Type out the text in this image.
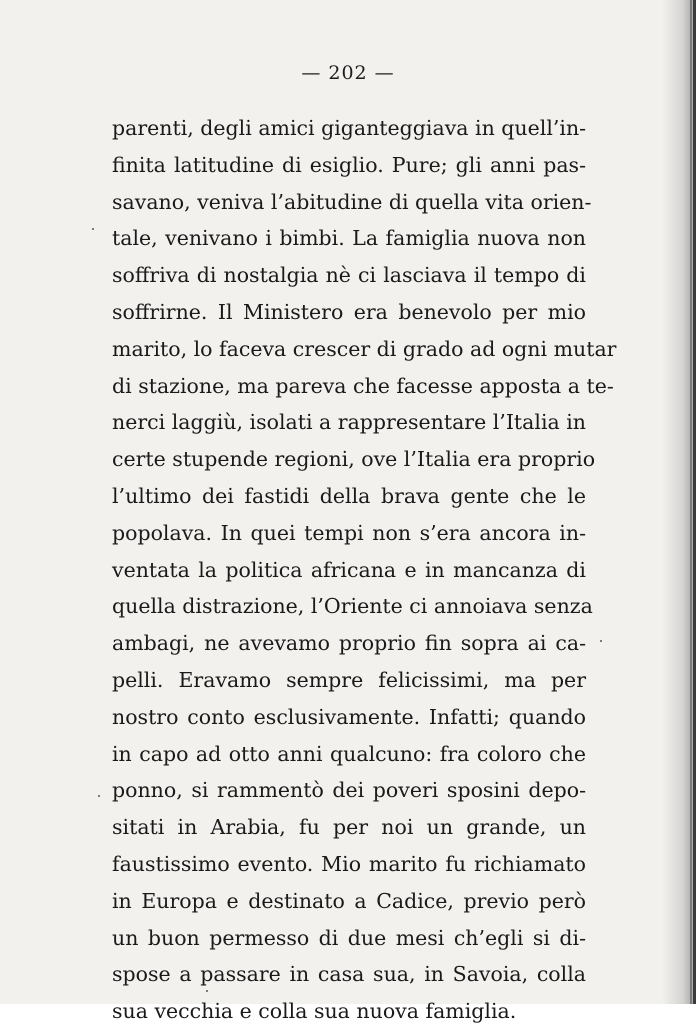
— 202 —
parenti, degli amici giganteggiava in quell’in-
finita latitudine di esiglio. Pure; gli anni pas-
savano, veniva l’abitudine di quella vita orien-
tale, venivano i bimbi. La famiglia nuova non
soffriva di nostalgia nè ci lasciava il tempo di
soffrirne. Il Ministero era benevolo per mio
marito, lo faceva crescer di grado ad ogni mutar
di stazione, ma pareva che facesse apposta a te-
nerci laggiù, isolati a rappresentare l’Italia in
certe stupende regioni, ove l’Italia era proprio
l’ultimo dei fastidi della brava gente che le
popolava. In quei tempi non s’era ancora in-
ventata la politica africana e in mancanza di
quella distrazione, l’Oriente ci annoiava senza
ambagi, ne avevamo proprio fin sopra ai ca-
pelli. Eravamo sempre felicissimi, ma per
nostro conto esclusivamente. Infatti; quando
in capo ad otto anni qualcuno: fra coloro che
ponno, si rammentò dei poveri sposini depo-
sitati in Arabia, fu per noi un grande, un
faustissimo evento. Mio marito fu richiamato
in Europa e destinato a Cadice, previo però
un buon permesso di due mesi ch’egli si di-
spose a passare in casa sua, in Savoia, colla
sua vecchia e colla sua nuova famiglia.
